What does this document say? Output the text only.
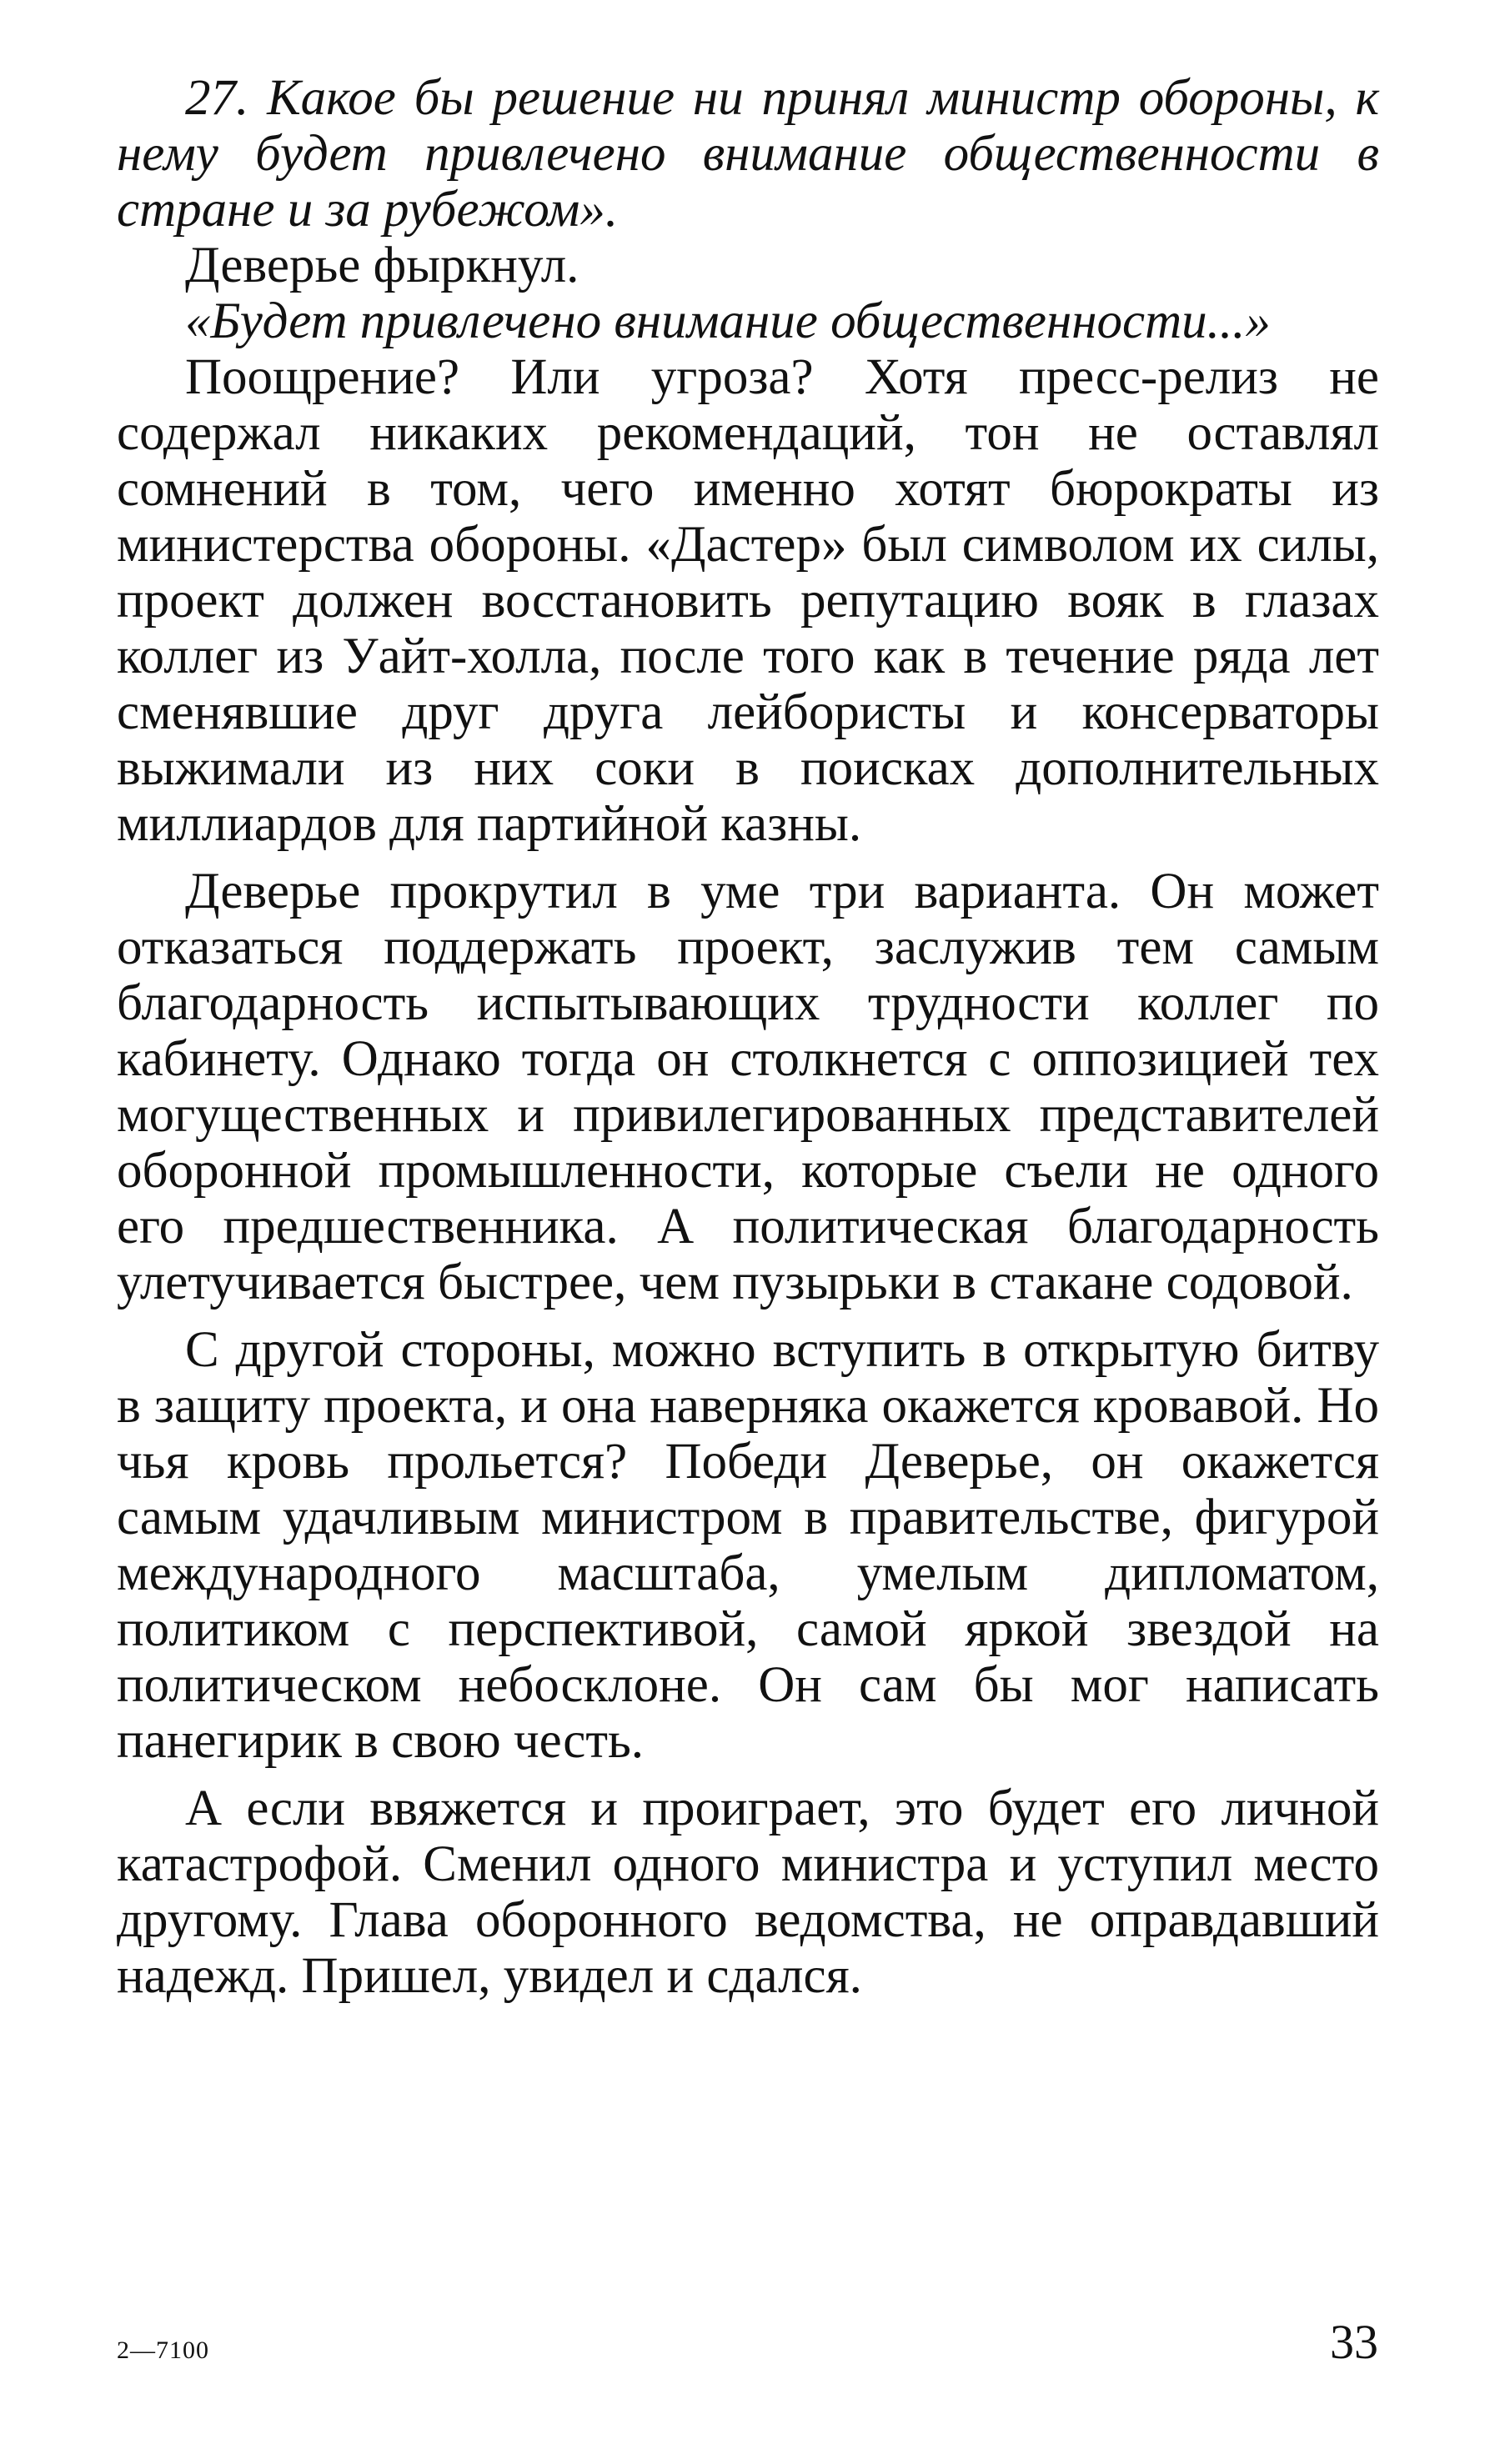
27. Какое бы решение ни принял министр обороны, к нему будет привлечено внимание общественности в стране и за рубежом».

Деверье фыркнул.

«Будет привлечено внимание общественности...»

Поощрение? Или угроза? Хотя пресс-релиз не содержал никаких рекомендаций, тон не оставлял сомнений в том, чего именно хотят бюрократы из министерства обороны. «Дастер» был символом их силы, проект должен восстановить репутацию вояк в глазах коллег из Уайт-холла, после того как в течение ряда лет сменявшие друг друга лейбористы и консерваторы выжимали из них соки в поисках дополнительных миллиардов для партийной казны.

Деверье прокрутил в уме три варианта. Он может отказаться поддержать проект, заслужив тем самым благодарность испытывающих трудности коллег по кабинету. Однако тогда он столкнется с оппозицией тех могущественных и привилегированных представителей оборонной промышленности, которые съели не одного его предшественника. А политическая благодарность улетучивается быстрее, чем пузырьки в стакане содовой.

С другой стороны, можно вступить в открытую битву в защиту проекта, и она наверняка окажется кровавой. Но чья кровь прольется? Победи Деверье, он окажется самым удачливым министром в правительстве, фигурой международного масштаба, умелым дипломатом, политиком с перспективой, самой яркой звездой на политическом небосклоне. Он сам бы мог написать панегирик в свою честь.

А если ввяжется и проиграет, это будет его личной катастрофой. Сменил одного министра и уступил место другому. Глава оборонного ведомства, не оправдавший надежд. Пришел, увидел и сдался.

2—7100	33
